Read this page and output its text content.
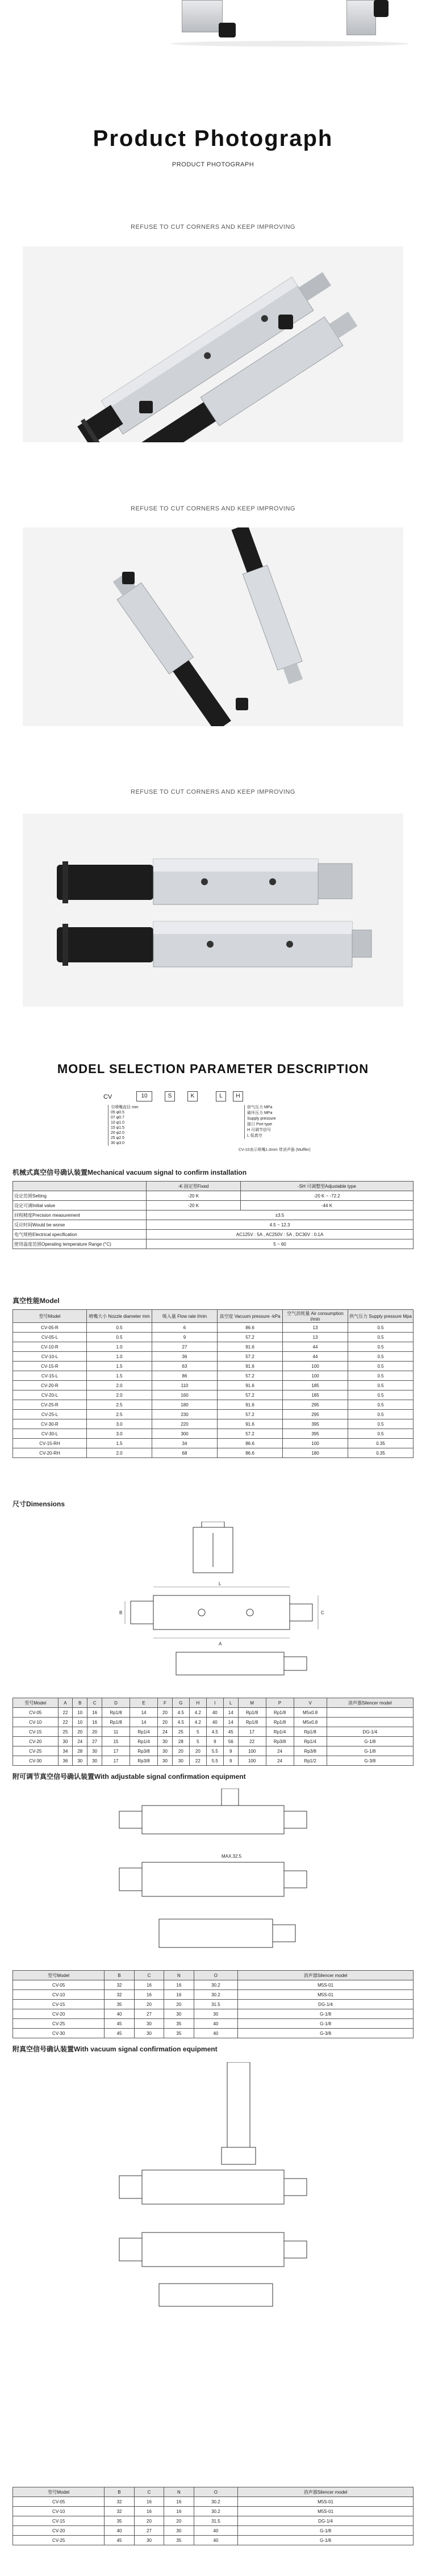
Product Photograph
PRODUCT PHOTOGRAPH
REFUSE TO CUT CORNERS AND KEEP IMPROVING
REFUSE TO CUT CORNERS AND KEEP IMPROVING
REFUSE TO CUT CORNERS AND KEEP IMPROVING
MODEL SELECTION PARAMETER DESCRIPTION
CV	10	S	K	L	H
引喷嘴直径 mm
05 φ0.5
07 φ0.7
10 φ1.0
15 φ1.5
20 φ2.0
25 φ2.5
30 φ3.0
供气压力 MPa
破坏压力 MPa
Supply pressure
接口 Port type
H 可调节信号
L 低真空
CV-10表示喷嘴1.0mm 带消声器 (Muffler)
机械式真空信号确认装置Mechanical vacuum signal to confirm installation
	-K 固定型Fixed	-SH 可调整型Adjustable type
设定范围Setting	-20 K	-20 K ~ -72.2
设定可调Initial value	-20 K	-44 K
回程精度Precision measurement	±3.5	
反应时间Would be worse	4.5 ~ 12.3	
电气规格Electrical specification	AC125V : 5A , AC250V : 5A , DC30V : 0.1A	
使用温度范围Operating temperature Range (°C)	5 ~ 60	
真空性能Model
型号Model	喷嘴大小 Nozzle diameter mm	吸入量 Flow rate l/min	真空度 Vacuum pressure -kPa	空气消耗量 Air consumption l/min	供气压力 Supply pressure Mpa
CV-05-R	0.5	6	86.6	13	0.5
CV-05-L	0.5	9	57.2	13	0.5
CV-10-R	1.0	27	91.6	44	0.5
CV-10-L	1.0	36	57.2	44	0.5
CV-15-R	1.5	63	91.6	100	0.5
CV-15-L	1.5	86	57.2	100	0.5
CV-20-R	2.0	110	91.6	185	0.5
CV-20-L	2.0	160	57.2	185	0.5
CV-25-R	2.5	180	91.6	295	0.5
CV-25-L	2.5	230	57.2	295	0.5
CV-30-R	3.0	220	91.6	395	0.5
CV-30-L	3.0	300	57.2	395	0.5
CV-15-RH	1.5	34	86.6	100	0.35
CV-20-RH	2.0	68	86.6	180	0.35
尺寸Dimensions
L
A
C
B
型号Model	A	B	C	D	E	F	G	H	I	L	M	P	V	消声器Silencer model
CV-05	22	10	16	Rp1/8	14	20	4.5	4.2	40	14	Rp1/8	Rp1/8	M5x0.8	
CV-10	22	10	16	Rp1/8	14	20	4.5	4.2	40	14	Rp1/8	Rp1/8	M5x0.8	
CV-15	25	20	20	11	Rp1/4	24	25	5	4.5	45	17	Rp1/4	Rp1/8	DG-1/4
CV-20	30	24	27	15	Rp1/4	30	28	5	9	56	22	Rp3/8	Rp1/4	G-1/8
CV-25	34	28	30	17	Rp3/8	30	20	20	5.5	9	100	24	Rp3/8	G-1/8
CV-30	36	30	30	17	Rp3/8	30	30	22	5.5	9	100	24	Rp1/2	G-3/8
附可调节真空信号确认装置With adjustable signal confirmation equipment
MAX.32.5
型号Model	B	C	N	O	消声器Silencer model
CV-05	32	16	16	30.2	M5S-01
CV-10	32	16	16	30.2	M5S-01
CV-15	35	20	20	31.5	DG-1/4
CV-20	40	27	30	30	G-1/8
CV-25	45	30	35	40	G-1/8
CV-30	45	30	35	40	G-3/8
附真空信号确认装置With vacuum signal confirmation equipment
型号Model	B	C	N	O	消声器Silencer model
CV-05	32	16	16	30.2	M5S-01
CV-10	32	16	16	30.2	M5S-01
CV-15	35	20	20	31.5	DG-1/4
CV-20	40	27	30	40	G-1/8
CV-25	45	30	35	40	G-1/8
